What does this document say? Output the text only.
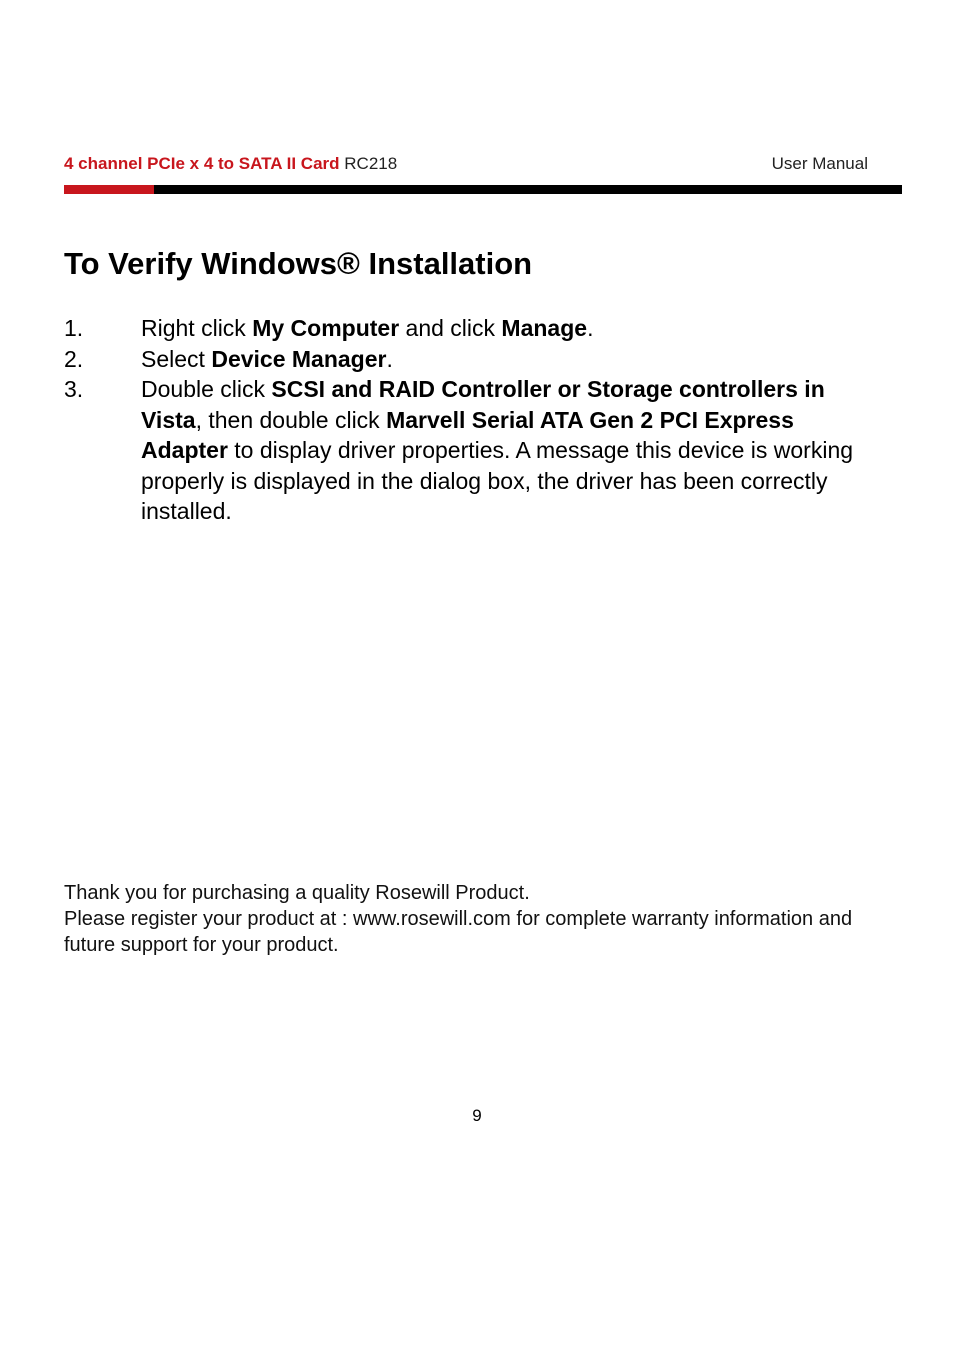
4 channel PCIe x 4 to SATA II Card RC218	User Manual
To Verify Windows® Installation
1.	Right click My Computer and click Manage.
2.	Select Device Manager.
3.	Double click SCSI and RAID Controller or Storage controllers in Vista, then double click Marvell Serial ATA Gen 2 PCI Express Adapter to display driver properties. A message this device is working properly is displayed in the dialog box, the driver has been correctly installed.

Thank you for purchasing a quality Rosewill Product.

Please register your product at : www.rosewill.com for complete warranty information and future support for your product.

9
